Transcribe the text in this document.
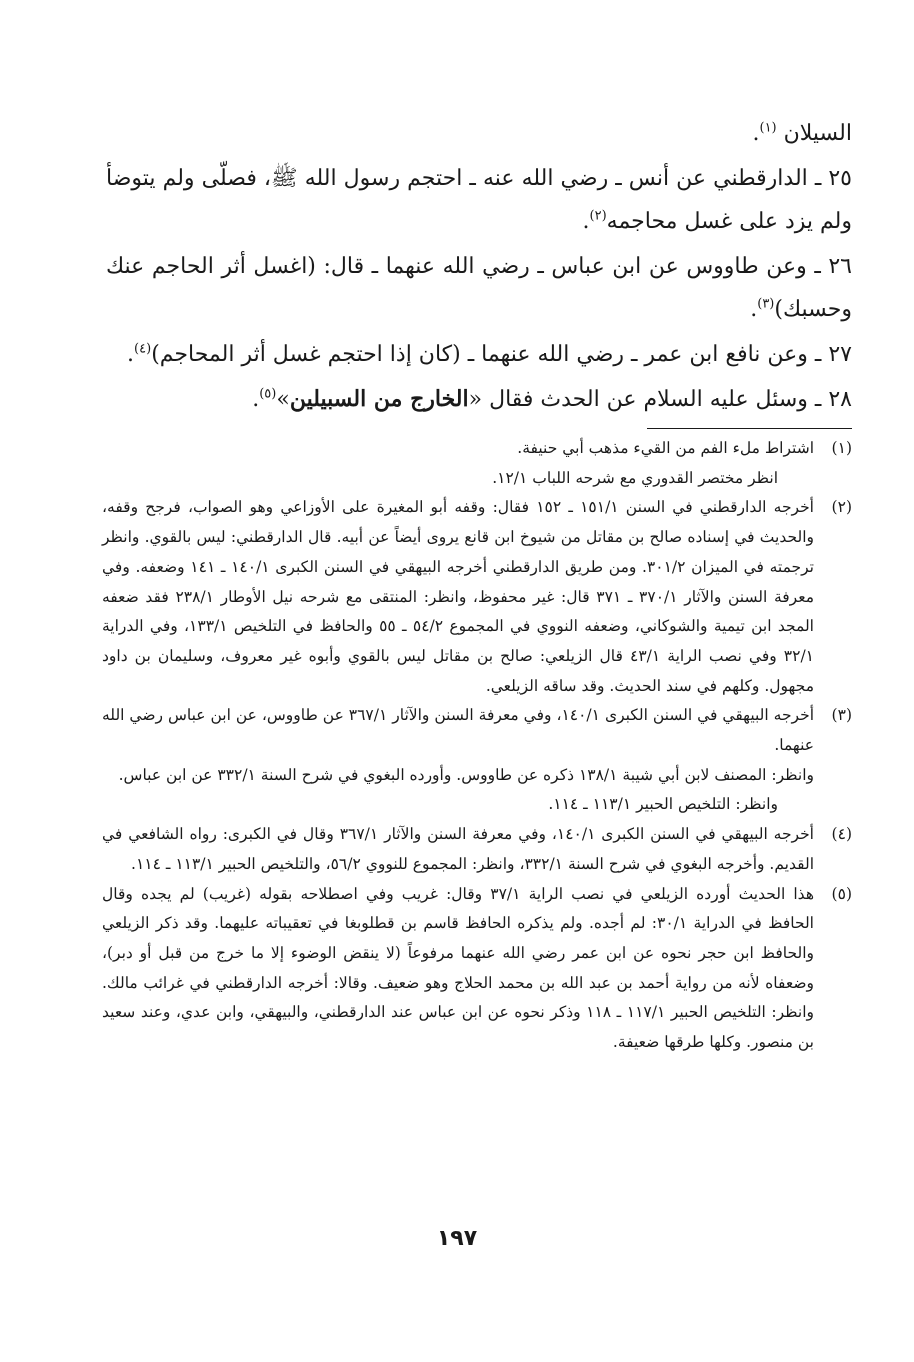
السيلان $^{(١)}$.

٢٥ ـ الدارقطني عن أنس ـ رضي الله عنه ـ احتجم رسول الله ﷺ، فصلّى ولم يتوضأ ولم يزد على غسل محاجمه$^{(٢)}$.

٢٦ ـ وعن طاووس عن ابن عباس ـ رضي الله عنهما ـ قال: (اغسل أثر الحاجم عنك وحسبك)$^{(٣)}$.

٢٧ ـ وعن نافع ابن عمر ـ رضي الله عنهما ـ (كان إذا احتجم غسل أثر المحاجم)$^{(٤)}$.

٢٨ ـ وسئل عليه السلام عن الحدث فقال «الخارج من السبيلين»$^{(٥)}$.

(١)
اشتراط ملء الفم من القيء مذهب أبي حنيفة.
انظر مختصر القدوري مع شرحه اللباب ١٢/١.
(٢)
أخرجه الدارقطني في السنن ١٥١/١ ـ ١٥٢ فقال: وقفه أبو المغيرة على الأوزاعي وهو الصواب، فرجح وقفه، والحديث في إسناده صالح بن مقاتل من شيوخ ابن قانع يروى أيضاً عن أبيه. قال الدارقطني: ليس بالقوي. وانظر ترجمته في الميزان ٣٠١/٢. ومن طريق الدارقطني أخرجه البيهقي في السنن الكبرى ١٤٠/١ ـ ١٤١ وضعفه. وفي معرفة السنن والآثار ٣٧٠/١ ـ ٣٧١ قال: غير محفوظ، وانظر: المنتقى مع شرحه نيل الأوطار ٢٣٨/١ فقد ضعفه المجد ابن تيمية والشوكاني، وضعفه النووي في المجموع ٥٤/٢ ـ ٥٥ والحافظ في التلخيص ١٣٣/١، وفي الدراية ٣٢/١ وفي نصب الراية ٤٣/١ قال الزيلعي: صالح بن مقاتل ليس بالقوي وأبوه غير معروف، وسليمان بن داود مجهول. وكلهم في سند الحديث. وقد ساقه الزيلعي.
(٣)
أخرجه البيهقي في السنن الكبرى ١٤٠/١، وفي معرفة السنن والآثار ٣٦٧/١ عن طاووس، عن ابن عباس رضي الله عنهما.
وانظر: المصنف لابن أبي شيبة ١٣٨/١ ذكره عن طاووس. وأورده البغوي في شرح السنة ٣٣٢/١ عن ابن عباس.
وانظر: التلخيص الحبير ١١٣/١ ـ ١١٤.
(٤)
أخرجه البيهقي في السنن الكبرى ١٤٠/١، وفي معرفة السنن والآثار ٣٦٧/١ وقال في الكبرى: رواه الشافعي في القديم. وأخرجه البغوي في شرح السنة ٣٣٢/١، وانظر: المجموع للنووي ٥٦/٢، والتلخيص الحبير ١١٣/١ ـ ١١٤.
(٥)
هذا الحديث أورده الزيلعي في نصب الراية ٣٧/١ وقال: غريب وفي اصطلاحه بقوله (غريب) لم يجده وقال الحافظ في الدراية ٣٠/١: لم أجده. ولم يذكره الحافظ قاسم بن قطلوبغا في تعقيباته عليهما. وقد ذكر الزيلعي والحافظ ابن حجر نحوه عن ابن عمر رضي الله عنهما مرفوعاً (لا ينقض الوضوء إلا ما خرج من قبل أو دبر)، وضعفاه لأنه من رواية أحمد بن عبد الله بن محمد الحلاج وهو ضعيف. وقالا: أخرجه الدارقطني في غرائب مالك. وانظر: التلخيص الحبير ١١٧/١ ـ ١١٨ وذكر نحوه عن ابن عباس عند الدارقطني، والبيهقي، وابن عدي، وعند سعيد بن منصور. وكلها طرقها ضعيفة.
١٩٧
